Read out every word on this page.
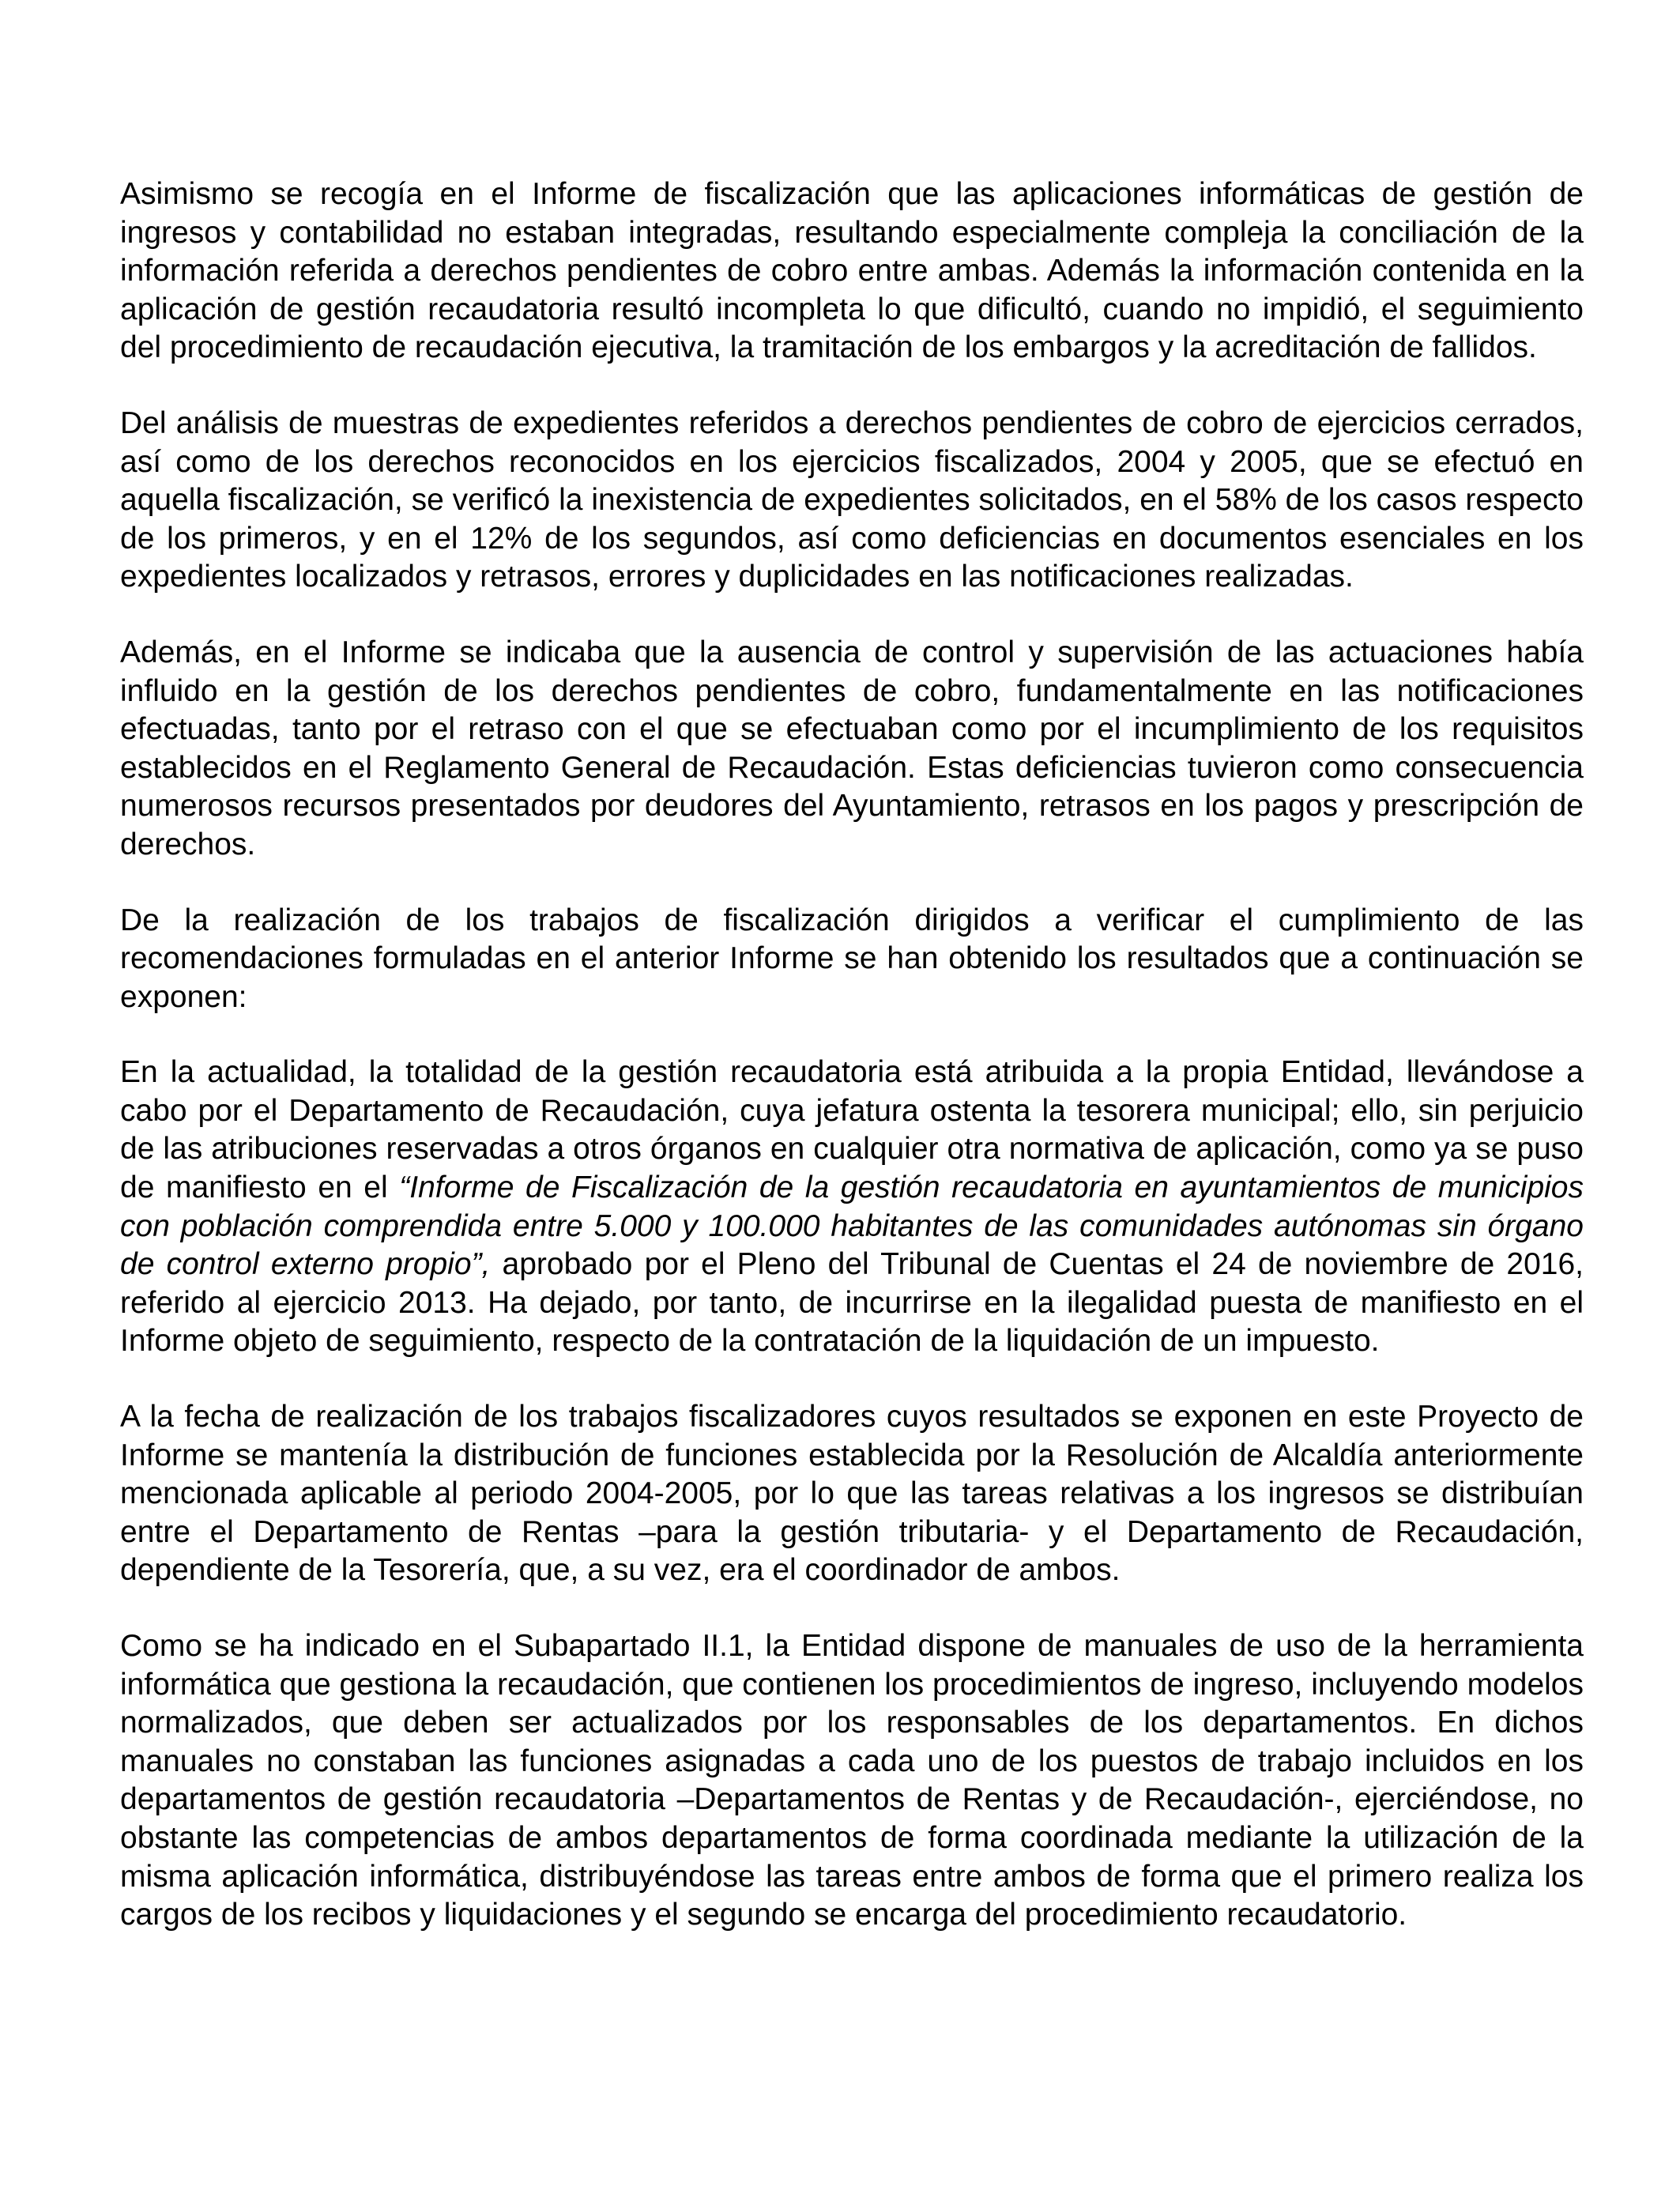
Asimismo se recogía en el Informe de fiscalización que las aplicaciones informáticas de gestión de ingresos y contabilidad no estaban integradas, resultando especialmente compleja la conciliación de la información referida a derechos pendientes de cobro entre ambas. Además la información contenida en la aplicación de gestión recaudatoria resultó incompleta lo que dificultó, cuando no impidió, el seguimiento del procedimiento de recaudación ejecutiva, la tramitación de los embargos y la acreditación de fallidos.

Del análisis de muestras de expedientes referidos a derechos pendientes de cobro de ejercicios cerrados, así como de los derechos reconocidos en los ejercicios fiscalizados, 2004 y 2005, que se efectuó en aquella fiscalización, se verificó la inexistencia de expedientes solicitados, en el 58% de los casos respecto de los primeros, y en el 12% de los segundos, así como deficiencias en documentos esenciales en los expedientes localizados y retrasos, errores y duplicidades en las notificaciones realizadas.

Además, en el Informe se indicaba que la ausencia de control y supervisión de las actuaciones había influido en la gestión de los derechos pendientes de cobro, fundamentalmente en las notificaciones efectuadas, tanto por el retraso con el que se efectuaban como por el incumplimiento de los requisitos establecidos en el Reglamento General de Recaudación. Estas deficiencias tuvieron como consecuencia numerosos recursos presentados por deudores del Ayuntamiento, retrasos en los pagos y prescripción de derechos.

De la realización de los trabajos de fiscalización dirigidos a verificar el cumplimiento de las recomendaciones formuladas en el anterior Informe se han obtenido los resultados que a continuación se exponen:

En la actualidad, la totalidad de la gestión recaudatoria está atribuida a la propia Entidad, llevándose a cabo por el Departamento de Recaudación, cuya jefatura ostenta la tesorera municipal; ello, sin perjuicio de las atribuciones reservadas a otros órganos en cualquier otra normativa de aplicación, como ya se puso de manifiesto en el “Informe de Fiscalización de la gestión recaudatoria en ayuntamientos de municipios con población comprendida entre 5.000 y 100.000 habitantes de las comunidades autónomas sin órgano de control externo propio”, aprobado por el Pleno del Tribunal de Cuentas el 24 de noviembre de 2016, referido al ejercicio 2013. Ha dejado, por tanto, de incurrirse en la ilegalidad puesta de manifiesto en el Informe objeto de seguimiento, respecto de la contratación de la liquidación de un impuesto.

A la fecha de realización de los trabajos fiscalizadores cuyos resultados se exponen en este Proyecto de Informe se mantenía la distribución de funciones establecida por la Resolución de Alcaldía anteriormente mencionada aplicable al periodo 2004-2005, por lo que las tareas relativas a los ingresos se distribuían entre el Departamento de Rentas –para la gestión tributaria- y el Departamento de Recaudación, dependiente de la Tesorería, que, a su vez, era el coordinador de ambos.

Como se ha indicado en el Subapartado II.1, la Entidad dispone de manuales de uso de la herramienta informática que gestiona la recaudación, que contienen los procedimientos de ingreso, incluyendo modelos normalizados, que deben ser actualizados por los responsables de los departamentos. En dichos manuales no constaban las funciones asignadas a cada uno de los puestos de trabajo incluidos en los departamentos de gestión recaudatoria –Departamentos de Rentas y de Recaudación-, ejerciéndose, no obstante las competencias de ambos departamentos de forma coordinada mediante la utilización de la misma aplicación informática, distribuyéndose las tareas entre ambos de forma que el primero realiza los cargos de los recibos y liquidaciones y el segundo se encarga del procedimiento recaudatorio.
